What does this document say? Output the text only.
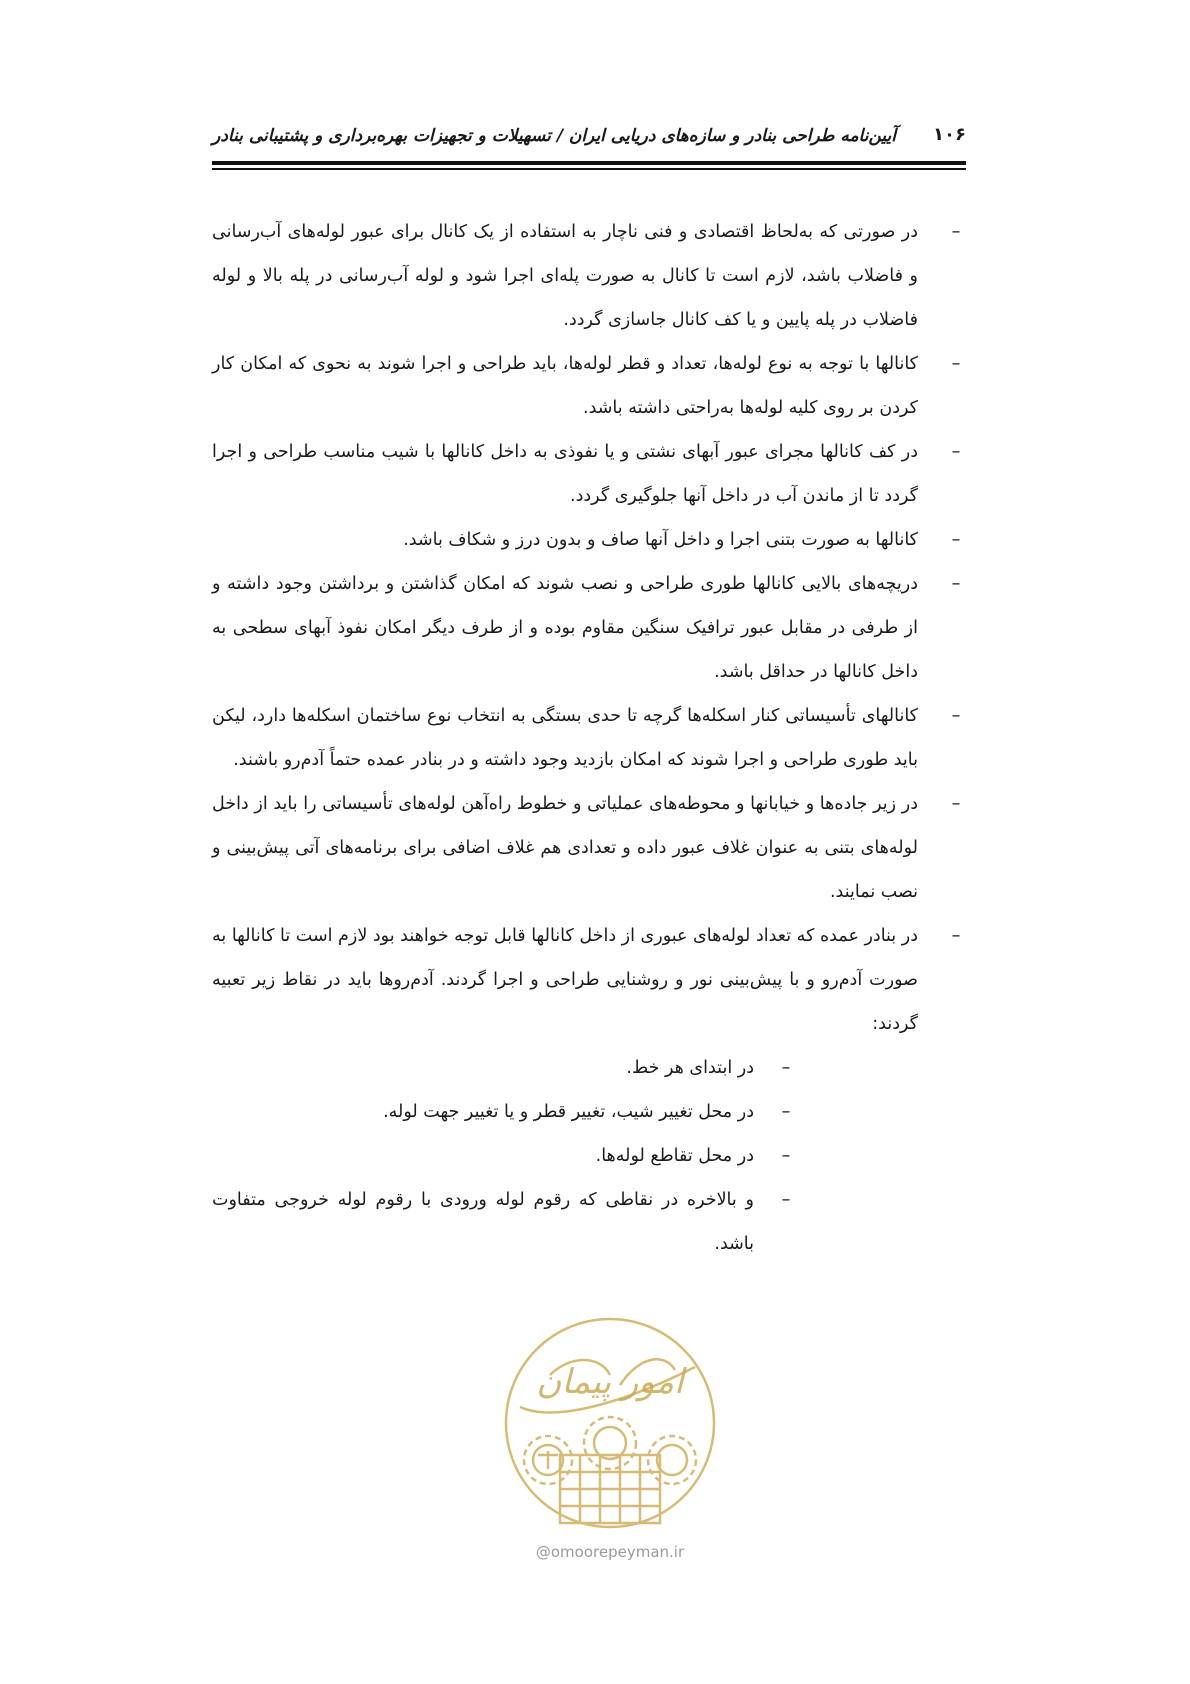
آیین‌نامه طراحی بنادر و سازه‌های دریایی ایران / تسهیلات و تجهیزات بهره‌برداری و پشتیبانی بنادر ۱۰۶
–
در صورتی که به‌لحاظ اقتصادی و فنی ناچار به استفاده از یک کانال برای عبور لوله‌های آب‌رسانی و فاضلاب باشد، لازم است تا کانال به صورت پله‌ای اجرا شود و لوله آب‌رسانی در پله بالا و لوله فاضلاب در پله پایین و یا کف کانال جاسازی گردد.
–
کانالها با توجه به نوع لوله‌ها، تعداد و قطر لوله‌ها، باید طراحی و اجرا شوند به نحوی که امکان کار کردن بر روی کلیه لوله‌ها به‌راحتی داشته باشد.
–
در کف کانالها مجرای عبور آبهای نشتی و یا نفوذی به داخل کانالها با شیب مناسب طراحی و اجرا گردد تا از ماندن آب در داخل آنها جلوگیری گردد.
–
کانالها به صورت بتنی اجرا و داخل آنها صاف و بدون درز و شکاف باشد.
–
دریچه‌های بالایی کانالها طوری طراحی و نصب شوند که امکان گذاشتن و برداشتن وجود داشته و از طرفی در مقابل عبور ترافیک سنگین مقاوم بوده و از طرف دیگر امکان نفوذ آبهای سطحی به داخل کانالها در حداقل باشد.
–
کانالهای تأسیساتی کنار اسکله‌ها گرچه تا حدی بستگی به انتخاب نوع ساختمان اسکله‌ها دارد، لیکن باید طوری طراحی و اجرا شوند که امکان بازدید وجود داشته و در بنادر عمده حتماً آدم‌رو باشند.
–
در زیر جاده‌ها و خیابانها و محوطه‌های عملیاتی و خطوط راه‌آهن لوله‌های تأسیساتی را باید از داخل لوله‌های بتنی به عنوان غلاف عبور داده و تعدادی هم غلاف اضافی برای برنامه‌های آتی پیش‌بینی و نصب نمایند.
–
در بنادر عمده که تعداد لوله‌های عبوری از داخل کانالها قابل توجه خواهند بود لازم است تا کانالها به صورت آدم‌رو و با پیش‌بینی نور و روشنایی طراحی و اجرا گردند. آدم‌روها باید در نقاط زیر تعبیه گردند:
–
در ابتدای هر خط.
–
در محل تغییر شیب، تغییر قطر و یا تغییر جهت لوله.
–
در محل تقاطع لوله‌ها.
–
و بالاخره در نقاطی که رقوم لوله ورودی با رقوم لوله خروجی متفاوت باشد.
امور پیمان
@omoorepeyman.ir
